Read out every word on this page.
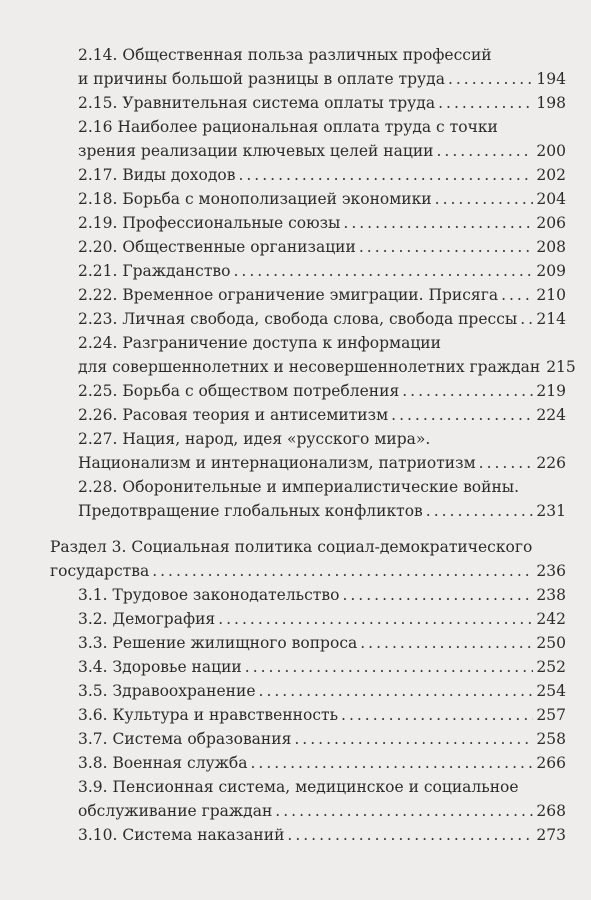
2.14. Общественная польза различных профессий
и причины большой разницы в оплате труда .....	194
2.15. Уравнительная система оплаты труда .....	198
2.16 Наиболее рациональная оплата труда с точки
зрения реализации ключевых целей нации .....	200
2.17. Виды доходов .....	202
2.18. Борьба с монополизацией экономики .....	204
2.19. Профессиональные союзы .....	206
2.20. Общественные организации .....	208
2.21. Гражданство .....	209
2.22. Временное ограничение эмиграции. Присяга ..... 210
2.23. Личная свобода, свобода слова, свобода прессы ..... 214
2.24. Разграничение доступа к информации
для совершеннолетних и несовершеннолетних граждан 215
2.25. Борьба с обществом потребления .....	219
2.26. Расовая теория и антисемитизм .....	224
2.27. Нация, народ, идея «русского мира».
Национализм и интернационализм, патриотизм .....	226
2.28. Оборонительные и империалистические войны.
Предотвращение глобальных конфликтов .....	231
Раздел 3. Социальная политика социал-демократического
государства .....	236
3.1. Трудовое законодательство .....	238
3.2. Демография .....	242
3.3. Решение жилищного вопроса .....	250
3.4. Здоровье нации .....	252
3.5. Здравоохранение .....	254
3.6. Культура и нравственность .....	257
3.7. Система образования .....	258
3.8. Военная служба .....	266
3.9. Пенсионная система, медицинское и социальное
обслуживание граждан .....	268
3.10. Система наказаний .....	273
